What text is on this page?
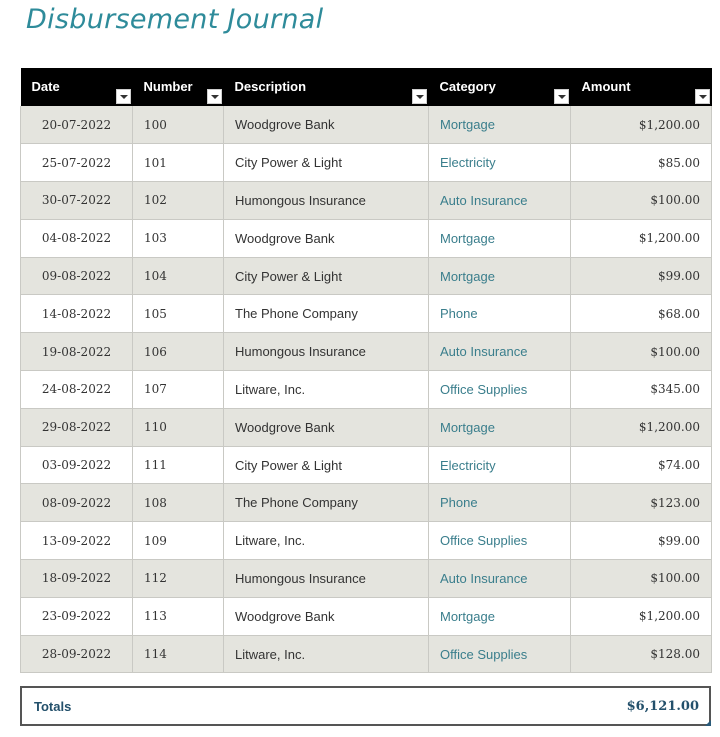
Disbursement Journal
Date	Number	Description	Category	Amount

20-07-2022	100	Woodgrove Bank	Mortgage	$1,200.00
25-07-2022	101	City Power & Light	Electricity	$85.00
30-07-2022	102	Humongous Insurance	Auto Insurance	$100.00
04-08-2022	103	Woodgrove Bank	Mortgage	$1,200.00
09-08-2022	104	City Power & Light	Mortgage	$99.00
14-08-2022	105	The Phone Company	Phone	$68.00
19-08-2022	106	Humongous Insurance	Auto Insurance	$100.00
24-08-2022	107	Litware, Inc.	Office Supplies	$345.00
29-08-2022	110	Woodgrove Bank	Mortgage	$1,200.00
03-09-2022	111	City Power & Light	Electricity	$74.00
08-09-2022	108	The Phone Company	Phone	$123.00
13-09-2022	109	Litware, Inc.	Office Supplies	$99.00
18-09-2022	112	Humongous Insurance	Auto Insurance	$100.00
23-09-2022	113	Woodgrove Bank	Mortgage	$1,200.00
28-09-2022	114	Litware, Inc.	Office Supplies	$128.00
Totals	$6,121.00
